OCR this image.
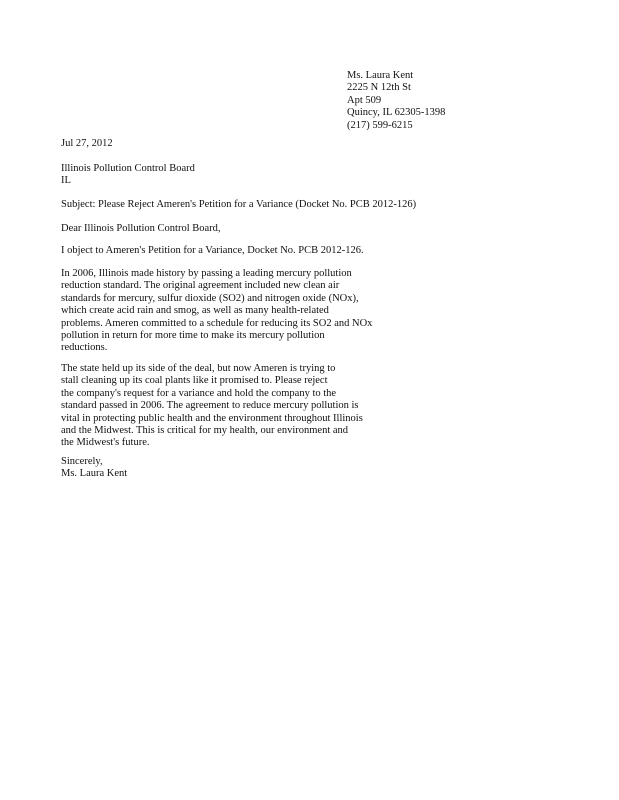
Ms. Laura Kent
2225 N 12th St
Apt 509
Quincy, IL 62305-1398
(217) 599-6215
Jul 27, 2012
Illinois Pollution Control Board
IL
Subject: Please Reject Ameren's Petition for a Variance (Docket No. PCB 2012-126)
Dear Illinois Pollution Control Board,
I object to Ameren's Petition for a Variance, Docket No. PCB 2012-126.
In 2006, Illinois made history by passing a leading mercury pollution
reduction standard. The original agreement included new clean air
standards for mercury, sulfur dioxide (SO2) and nitrogen oxide (NOx),
which create acid rain and smog, as well as many health-related
problems. Ameren committed to a schedule for reducing its SO2 and NOx
pollution in return for more time to make its mercury pollution
reductions.
The state held up its side of the deal, but now Ameren is trying to
stall cleaning up its coal plants like it promised to. Please reject
the company's request for a variance and hold the company to the
standard passed in 2006. The agreement to reduce mercury pollution is
vital in protecting public health and the environment throughout Illinois
and the Midwest. This is critical for my health, our environment and
the Midwest's future.
Sincerely,
Ms. Laura Kent
